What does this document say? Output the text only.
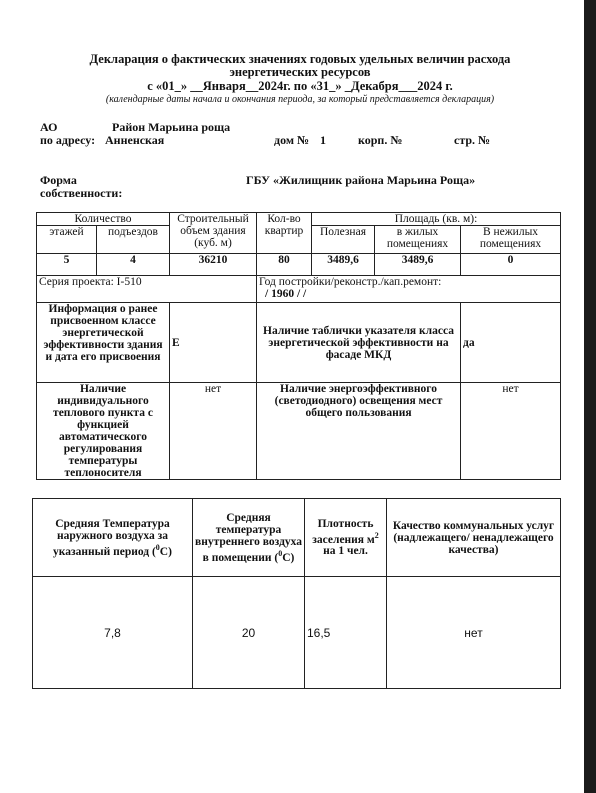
Декларация о фактических значениях годовых удельных величин расхода
энергетических ресурсов
с «01_» __Января__2024г. по «31_» _Декабря___2024 г.
(календарные даты начала и окончания периода, за который представляется декларация)
АО	Район Марьина роща
по адресу: Анненская	дом № 1	корп. №	стр. №
Форма
собственности:
ГБУ «Жилищник района Марьина Роща»
Количество		Строительный объем здания (куб. м)	Кол-во квартир	Площадь (кв. м):		
этажей	подъездов			Полезная	в жилых помещениях	В нежилых помещениях
5	4	36210	80	3489,6	3489,6	0
Серия проекта: I-510			Год постройки/реконстр./кап.ремонт:
/ 1960 / /			

Информация о ранее присвоенном классе энергетической эффективности здания и дата его присвоения		Е	Наличие таблички указателя класса энергетической эффективности на фасаде МКД			да
Наличие индивидуального теплового пункта с функцией автоматического регулирования температуры теплоносителя		нет	Наличие энергоэффективного (светодиодного) освещения мест общего пользования			нет
Средняя Температура наружного воздуха за указанный период ($^0$С)	Средняя температура внутреннего воздуха в помещении ($^0$С)	Плотность заселения $м^2$ на 1 чел.	Качество коммунальных услуг (надлежащего/ ненадлежащего качества)
7,8	20	16,5	нет
